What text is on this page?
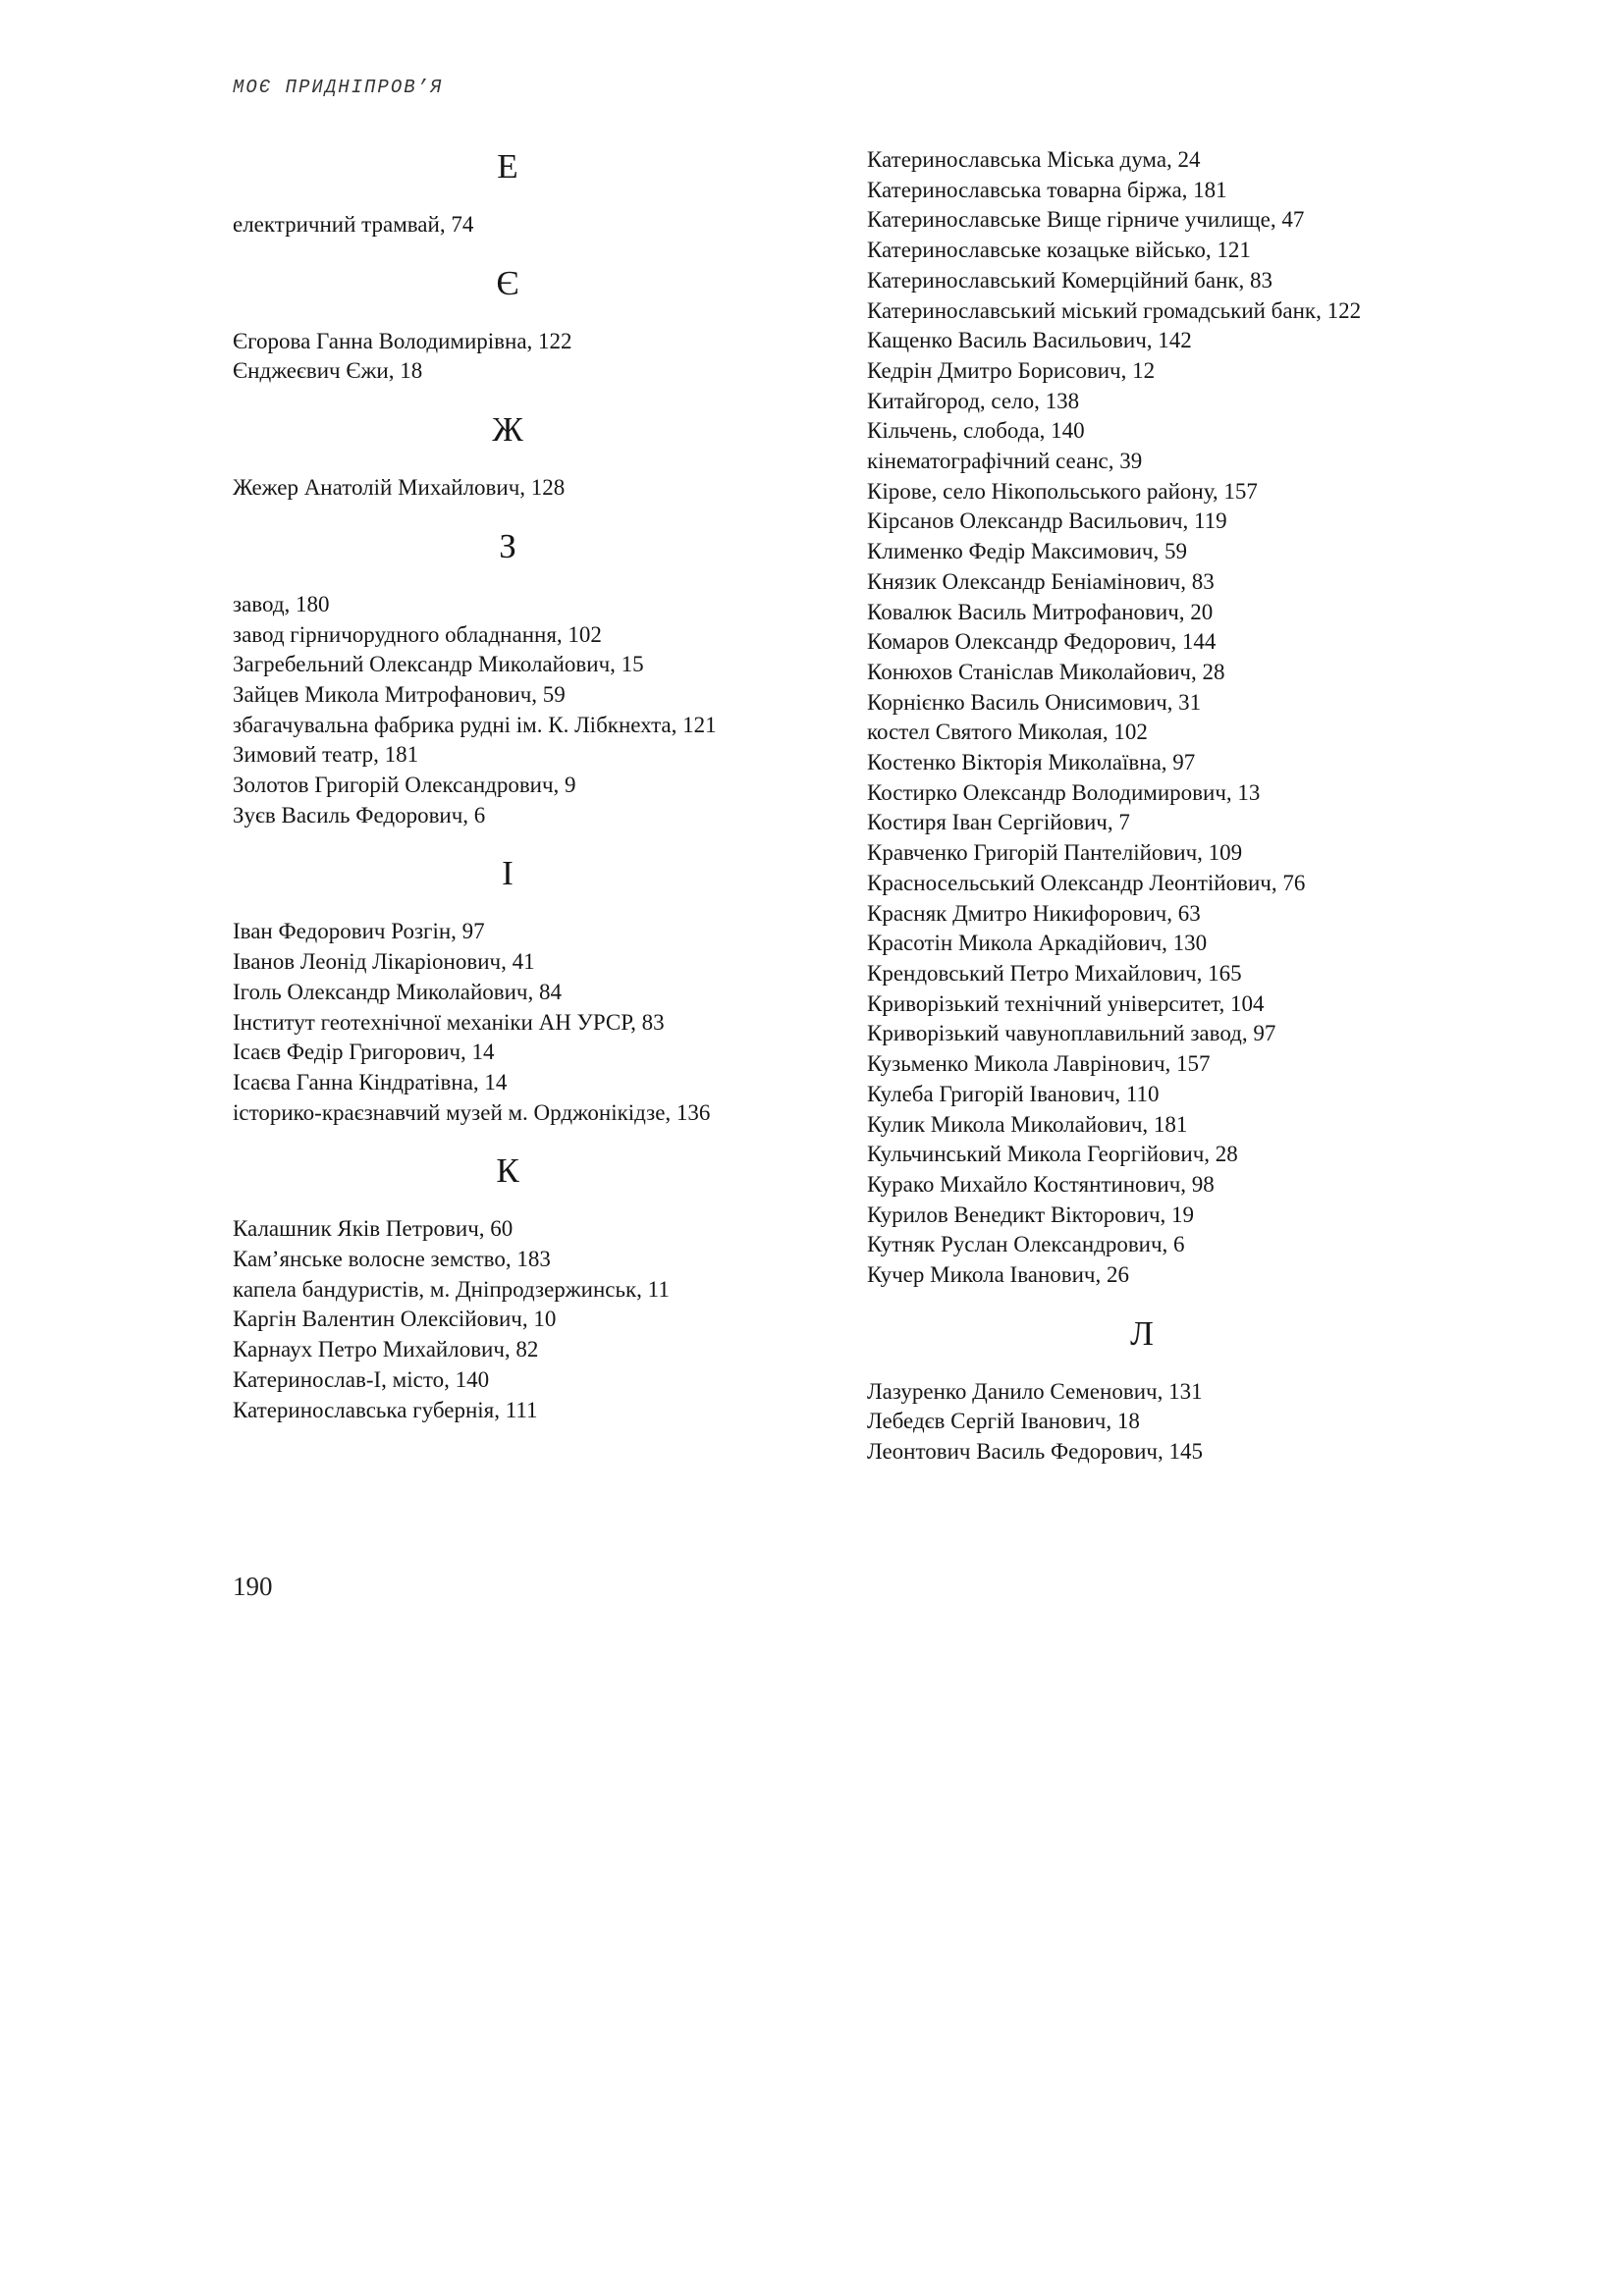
МОЄ ПРИДНІПРОВ’Я
Е
електричний трамвай, 74
Є
Єгорова Ганна Володимирівна, 122
Єнджеєвич Єжи, 18
Ж
Жежер Анатолій Михайлович, 128
З
завод, 180
завод гірничорудного обладнання, 102
Загребельний Олександр Миколайович, 15
Зайцев Микола Митрофанович, 59
збагачувальна фабрика рудні ім. К. Лібкнехта, 121
Зимовий театр, 181
Золотов Григорій Олександрович, 9
Зуєв Василь Федорович, 6
І
Іван Федорович Розгін, 97
Іванов Леонід Лікаріонович, 41
Іголь Олександр Миколайович, 84
Інститут геотехнічної механіки АН УРСР, 83
Ісаєв Федір Григорович, 14
Ісаєва Ганна Кіндратівна, 14
історико-краєзнавчий музей м. Орджонікідзе, 136
К
Калашник Яків Петрович, 60
Кам’янське волосне земство, 183
капела бандуристів, м. Дніпродзержинськ, 11
Каргін Валентин Олексійович, 10
Карнаух Петро Михайлович, 82
Катеринослав-I, місто, 140
Катеринославська губернія, 111
Катеринославська Міська дума, 24
Катеринославська товарна біржа, 181
Катеринославське Вище гірниче училище, 47
Катеринославське козацьке військо, 121
Катеринославський Комерційний банк, 83
Катеринославський міський громадський банк, 122
Кащенко Василь Васильович, 142
Кедрін Дмитро Борисович, 12
Китайгород, село, 138
Кільчень, слобода, 140
кінематографічний сеанс, 39
Кірове, село Нікопольського району, 157
Кірсанов Олександр Васильович, 119
Клименко Федір Максимович, 59
Князик Олександр Беніамінович, 83
Ковалюк Василь Митрофанович, 20
Комаров Олександр Федорович, 144
Конюхов Станіслав Миколайович, 28
Корнієнко Василь Онисимович, 31
костел Святого Миколая, 102
Костенко Вікторія Миколаївна, 97
Костирко Олександр Володимирович, 13
Костиря Іван Сергійович, 7
Кравченко Григорій Пантелійович, 109
Красносельський Олександр Леонтійович, 76
Красняк Дмитро Никифорович, 63
Красотін Микола Аркадійович, 130
Крендовський Петро Михайлович, 165
Криворізький технічний університет, 104
Криворізький чавуноплавильний завод, 97
Кузьменко Микола Лаврінович, 157
Кулеба Григорій Іванович, 110
Кулик Микола Миколайович, 181
Кульчинський Микола Георгійович, 28
Курако Михайло Костянтинович, 98
Курилов Венедикт Вікторович, 19
Кутняк Руслан Олександрович, 6
Кучер Микола Іванович, 26
Л
Лазуренко Данило Семенович, 131
Лебедєв Сергій Іванович, 18
Леонтович Василь Федорович, 145
190
